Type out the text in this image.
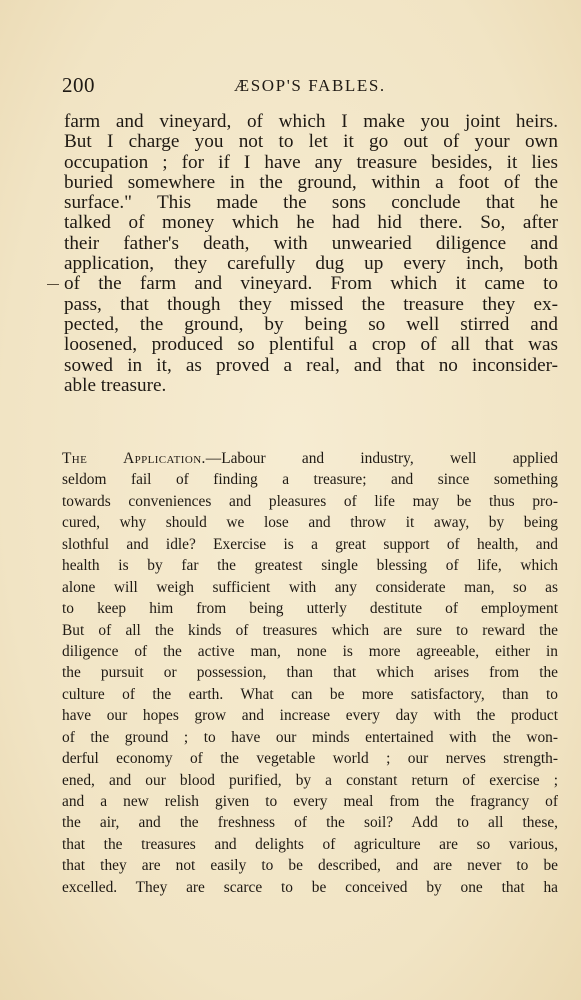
200	ÆSOP'S FABLES.
farm and vineyard, of which I make you joint heirs.
But I charge you not to let it go out of your own
occupation ; for if I have any treasure besides, it lies
buried somewhere in the ground, within a foot of the
surface." This made the sons conclude that he
talked of money which he had hid there. So, after
their father's death, with unwearied diligence and
application, they carefully dug up every inch, both
of the farm and vineyard. From which it came to
pass, that though they missed the treasure they ex-
pected, the ground, by being so well stirred and
loosened, produced so plentiful a crop of all that was
sowed in it, as proved a real, and that no inconsider-
able treasure.
The Application.—Labour and industry, well applied
seldom fail of finding a treasure; and since something
towards conveniences and pleasures of life may be thus pro-
cured, why should we lose and throw it away, by being
slothful and idle? Exercise is a great support of health, and
health is by far the greatest single blessing of life, which
alone will weigh sufficient with any considerate man, so as
to keep him from being utterly destitute of employment
But of all the kinds of treasures which are sure to reward the
diligence of the active man, none is more agreeable, either in
the pursuit or possession, than that which arises from the
culture of the earth. What can be more satisfactory, than to
have our hopes grow and increase every day with the product
of the ground ; to have our minds entertained with the won-
derful economy of the vegetable world ; our nerves strength-
ened, and our blood purified, by a constant return of exercise ;
and a new relish given to every meal from the fragrancy of
the air, and the freshness of the soil? Add to all these,
that the treasures and delights of agriculture are so various,
that they are not easily to be described, and are never to be
excelled. They are scarce to be conceived by one that ha
